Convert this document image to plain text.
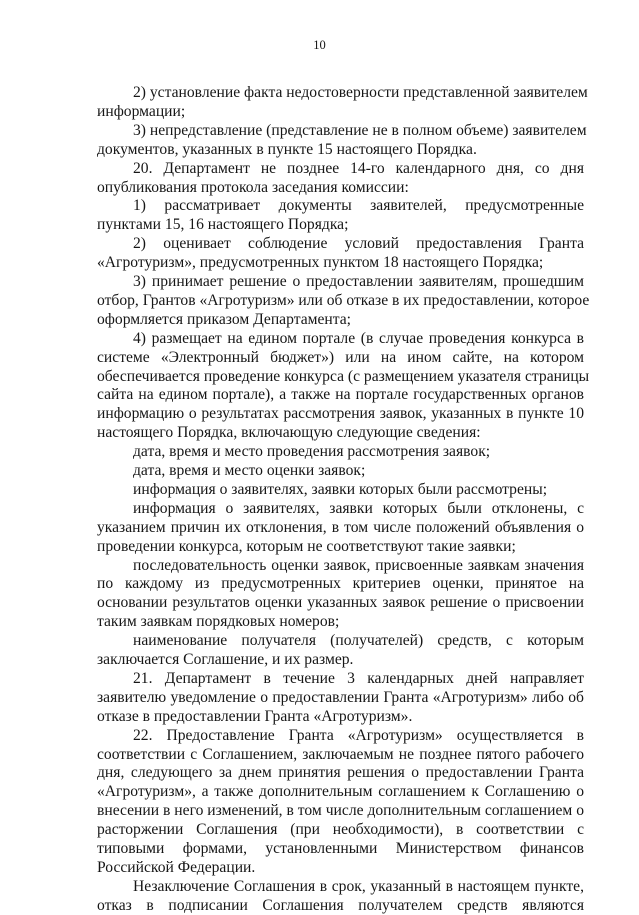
10
2) установление факта недостоверности представленной заявителем
информации;
3) непредставление (представление не в полном объеме) заявителем
документов, указанных в пункте 15 настоящего Порядка.
20. Департамент не позднее 14-го календарного дня, со дня
опубликования протокола заседания комиссии:
1) рассматривает документы заявителей, предусмотренные
пунктами 15, 16 настоящего Порядка;
2) оценивает соблюдение условий предоставления Гранта
«Агротуризм», предусмотренных пунктом 18 настоящего Порядка;
3) принимает решение о предоставлении заявителям, прошедшим
отбор, Грантов «Агротуризм» или об отказе в их предоставлении, которое
оформляется приказом Департамента;
4) размещает на едином портале (в случае проведения конкурса в
системе «Электронный бюджет») или на ином сайте, на котором
обеспечивается проведение конкурса (с размещением указателя страницы
сайта на едином портале), а также на портале государственных органов
информацию о результатах рассмотрения заявок, указанных в пункте 10
настоящего Порядка, включающую следующие сведения:
дата, время и место проведения рассмотрения заявок;
дата, время и место оценки заявок;
информация о заявителях, заявки которых были рассмотрены;
информация о заявителях, заявки которых были отклонены, с
указанием причин их отклонения, в том числе положений объявления о
проведении конкурса, которым не соответствуют такие заявки;
последовательность оценки заявок, присвоенные заявкам значения
по каждому из предусмотренных критериев оценки, принятое на
основании результатов оценки указанных заявок решение о присвоении
таким заявкам порядковых номеров;
наименование получателя (получателей) средств, с которым
заключается Соглашение, и их размер.
21. Департамент в течение 3 календарных дней направляет
заявителю уведомление о предоставлении Гранта «Агротуризм» либо об
отказе в предоставлении Гранта «Агротуризм».
22. Предоставление Гранта «Агротуризм» осуществляется в
соответствии с Соглашением, заключаемым не позднее пятого рабочего
дня, следующего за днем принятия решения о предоставлении Гранта
«Агротуризм», а также дополнительным соглашением к Соглашению о
внесении в него изменений, в том числе дополнительным соглашением о
расторжении Соглашения (при необходимости), в соответствии с
типовыми формами, установленными Министерством финансов
Российской Федерации.
Незаключение Соглашения в срок, указанный в настоящем пункте,
отказ в подписании Соглашения получателем средств являются
